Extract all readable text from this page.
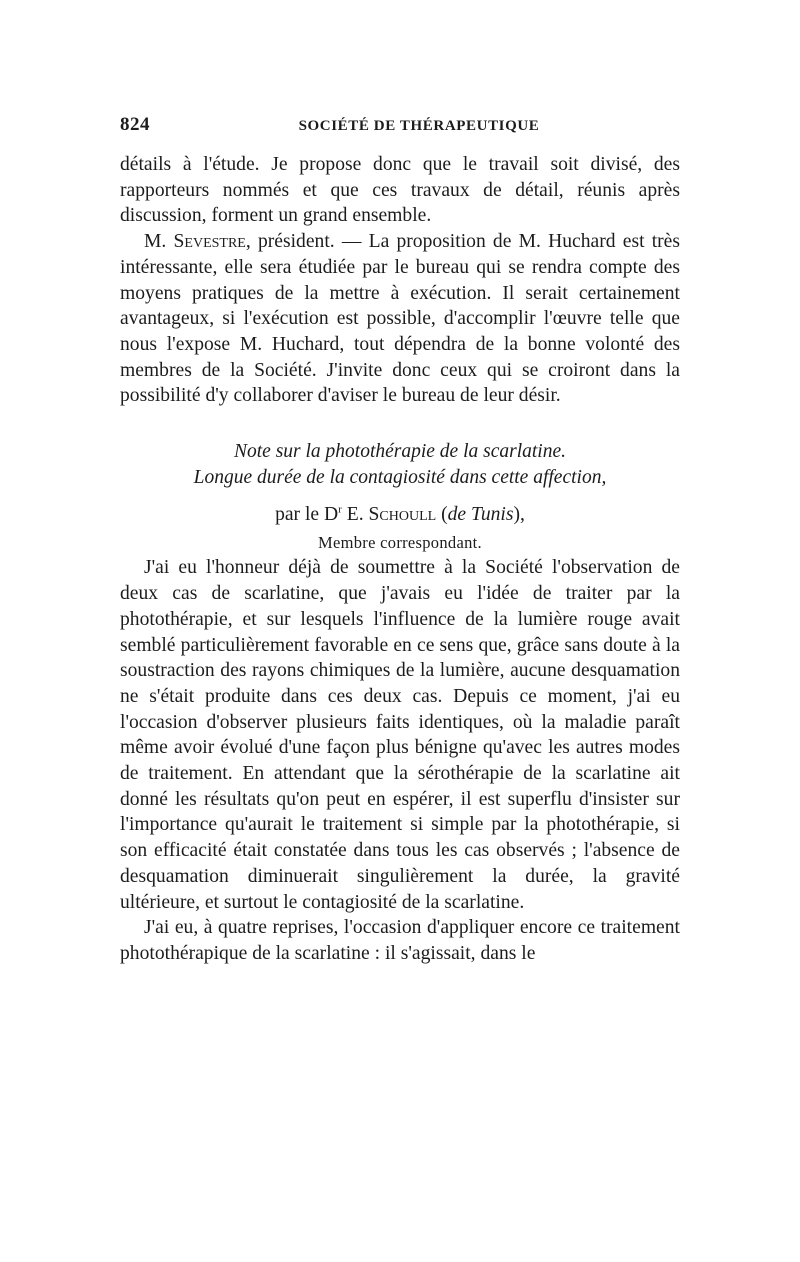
824	SOCIÉTÉ DE THÉRAPEUTIQUE

détails à l'étude. Je propose donc que le travail soit divisé, des rapporteurs nommés et que ces travaux de détail, réunis après discussion, forment un grand ensemble.

M. Sevestre, président. — La proposition de M. Huchard est très intéressante, elle sera étudiée par le bureau qui se rendra compte des moyens pratiques de la mettre à exécution. Il serait certainement avantageux, si l'exécution est possible, d'accomplir l'œuvre telle que nous l'expose M. Huchard, tout dépendra de la bonne volonté des membres de la Société. J'invite donc ceux qui se croiront dans la possibilité d'y collaborer d'aviser le bureau de leur désir.

Note sur la photothérapie de la scarlatine.
Longue durée de la contagiosité dans cette affection,
par le $D^r$ E. Schoull (de Tunis),
Membre correspondant.

J'ai eu l'honneur déjà de soumettre à la Société l'observation de deux cas de scarlatine, que j'avais eu l'idée de traiter par la photothérapie, et sur lesquels l'influence de la lumière rouge avait semblé particulièrement favorable en ce sens que, grâce sans doute à la soustraction des rayons chimiques de la lumière, aucune desquamation ne s'était produite dans ces deux cas. Depuis ce moment, j'ai eu l'occasion d'observer plusieurs faits identiques, où la maladie paraît même avoir évolué d'une façon plus bénigne qu'avec les autres modes de traitement. En attendant que la sérothérapie de la scarlatine ait donné les résultats qu'on peut en espérer, il est superflu d'insister sur l'importance qu'aurait le traitement si simple par la photothérapie, si son efficacité était constatée dans tous les cas observés ; l'absence de desquamation diminuerait singulièrement la durée, la gravité ultérieure, et surtout le contagiosité de la scarlatine.

J'ai eu, à quatre reprises, l'occasion d'appliquer encore ce traitement photothérapique de la scarlatine : il s'agissait, dans le
